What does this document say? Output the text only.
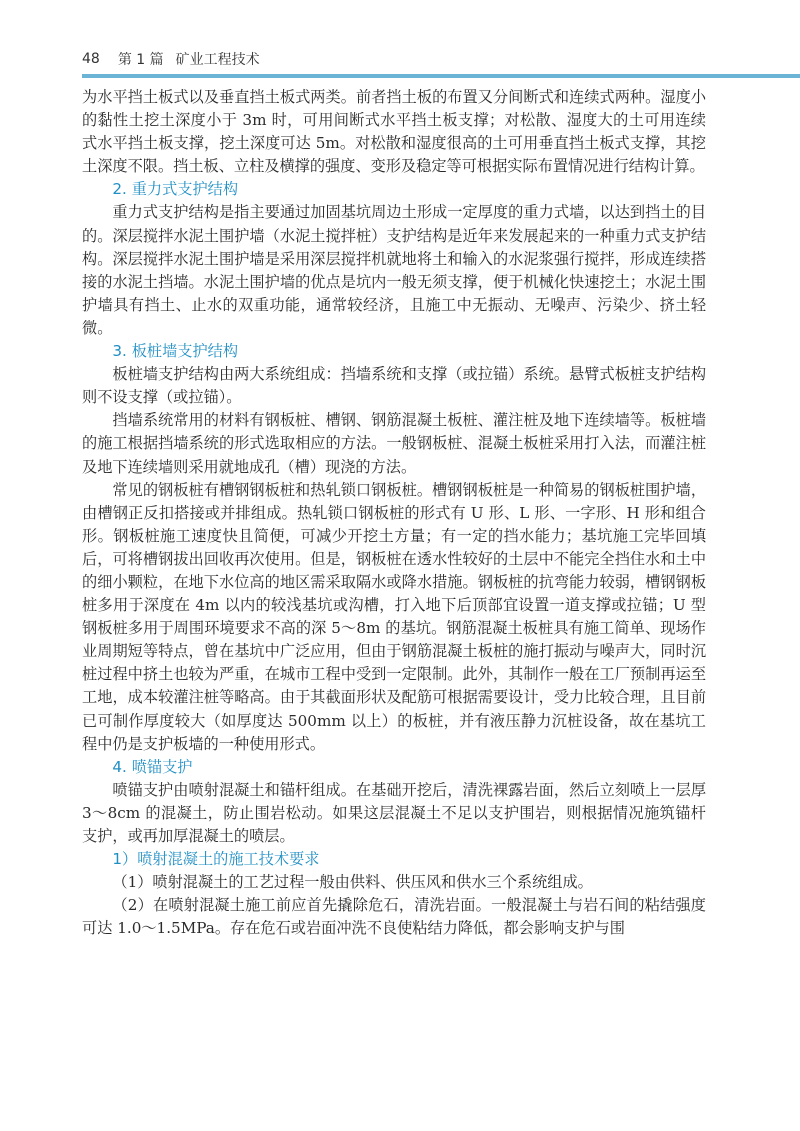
48 第 1 篇 矿业工程技术

为水平挡土板式以及垂直挡土板式两类。前者挡土板的布置又分间断式和连续式两种。湿度小的黏性土挖土深度小于 3m 时，可用间断式水平挡土板支撑；对松散、湿度大的土可用连续式水平挡土板支撑，挖土深度可达 5m。对松散和湿度很高的土可用垂直挡土板式支撑，其挖土深度不限。挡土板、立柱及横撑的强度、变形及稳定等可根据实际布置情况进行结构计算。

2. 重力式支护结构

重力式支护结构是指主要通过加固基坑周边土形成一定厚度的重力式墙，以达到挡土的目的。深层搅拌水泥土围护墙（水泥土搅拌桩）支护结构是近年来发展起来的一种重力式支护结构。深层搅拌水泥土围护墙是采用深层搅拌机就地将土和输入的水泥浆强行搅拌，形成连续搭接的水泥土挡墙。水泥土围护墙的优点是坑内一般无须支撑，便于机械化快速挖土；水泥土围护墙具有挡土、止水的双重功能，通常较经济，且施工中无振动、无噪声、污染少、挤土轻微。

3. 板桩墙支护结构

板桩墙支护结构由两大系统组成：挡墙系统和支撑（或拉锚）系统。悬臂式板桩支护结构则不设支撑（或拉锚）。

挡墙系统常用的材料有钢板桩、槽钢、钢筋混凝土板桩、灌注桩及地下连续墙等。板桩墙的施工根据挡墙系统的形式选取相应的方法。一般钢板桩、混凝土板桩采用打入法，而灌注桩及地下连续墙则采用就地成孔（槽）现浇的方法。

常见的钢板桩有槽钢钢板桩和热轧锁口钢板桩。槽钢钢板桩是一种简易的钢板桩围护墙，由槽钢正反扣搭接或并排组成。热轧锁口钢板桩的形式有 U 形、L 形、一字形、H 形和组合形。钢板桩施工速度快且简便，可减少开挖土方量；有一定的挡水能力；基坑施工完毕回填后，可将槽钢拔出回收再次使用。但是，钢板桩在透水性较好的土层中不能完全挡住水和土中的细小颗粒，在地下水位高的地区需采取隔水或降水措施。钢板桩的抗弯能力较弱，槽钢钢板桩多用于深度在 4m 以内的较浅基坑或沟槽，打入地下后顶部宜设置一道支撑或拉锚；U 型钢板桩多用于周围环境要求不高的深 5～8m 的基坑。钢筋混凝土板桩具有施工简单、现场作业周期短等特点，曾在基坑中广泛应用，但由于钢筋混凝土板桩的施打振动与噪声大，同时沉桩过程中挤土也较为严重，在城市工程中受到一定限制。此外，其制作一般在工厂预制再运至工地，成本较灌注桩等略高。由于其截面形状及配筋可根据需要设计，受力比较合理，且目前已可制作厚度较大（如厚度达 500mm 以上）的板桩，并有液压静力沉桩设备，故在基坑工程中仍是支护板墙的一种使用形式。

4. 喷锚支护

喷锚支护由喷射混凝土和锚杆组成。在基础开挖后，清洗裸露岩面，然后立刻喷上一层厚 3～8cm 的混凝土，防止围岩松动。如果这层混凝土不足以支护围岩，则根据情况施筑锚杆支护，或再加厚混凝土的喷层。

1）喷射混凝土的施工技术要求

（1）喷射混凝土的工艺过程一般由供料、供压风和供水三个系统组成。

（2）在喷射混凝土施工前应首先撬除危石，清洗岩面。一般混凝土与岩石间的粘结强度可达 1.0～1.5MPa。存在危石或岩面冲洗不良使粘结力降低，都会影响支护与围
